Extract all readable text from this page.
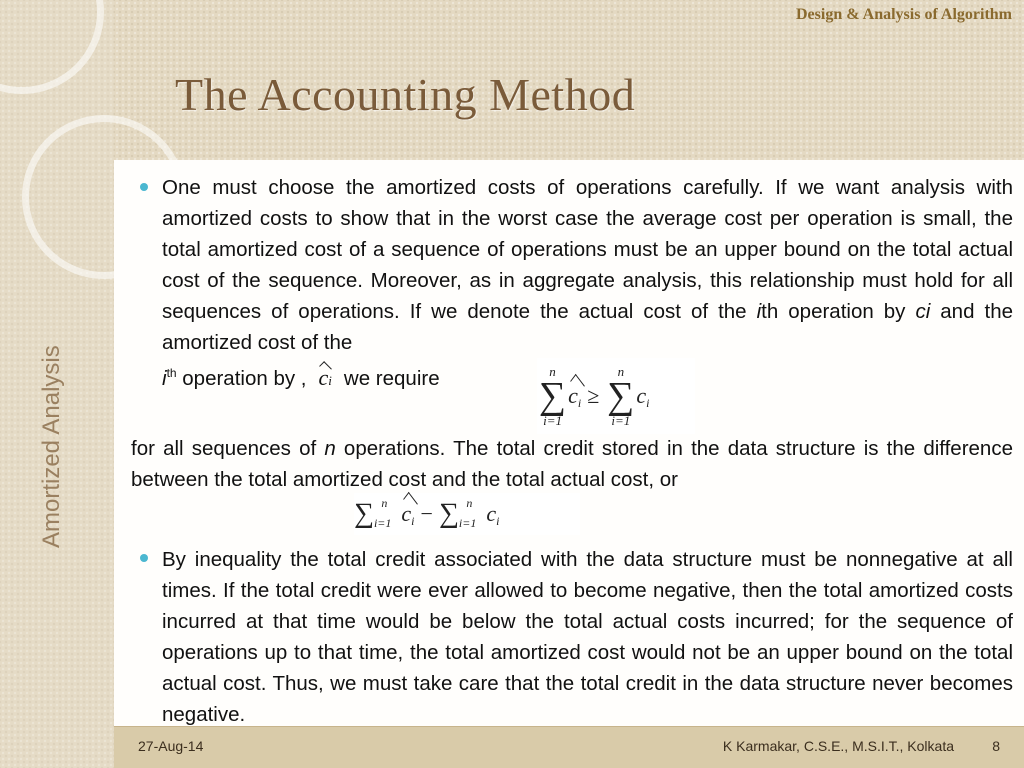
Design & Analysis of Algorithm
The Accounting Method
Amortized Analysis

One must choose the amortized costs of operations carefully. If we want analysis with amortized costs to show that in the worst case the average cost per operation is small, the total amortized cost of a sequence of operations must be an upper bound on the total actual cost of the sequence. Moreover, as in aggregate analysis, this relationship must hold for all sequences of operations. If we denote the actual cost of the ith operation by ci and the amortized cost of the
$i^{th}$ operation by , ci we require	n
∑
i=1
ci ≥
n
∑
i=1
ci

for all sequences of n operations. The total credit stored in the data structure is the difference between the total amortized cost and the total actual cost, or

∑ i=1
n ci − ∑ i=1
n ci

By inequality the total credit associated with the data structure must be nonnegative at all times. If the total credit were ever allowed to become negative, then the total amortized costs incurred at that time would be below the total actual costs incurred; for the sequence of operations up to that time, the total amortized cost would not be an upper bound on the total actual cost. Thus, we must take care that the total credit in the data structure never becomes negative.

27-Aug-14	K Karmakar, C.S.E., M.S.I.T., Kolkata	8
